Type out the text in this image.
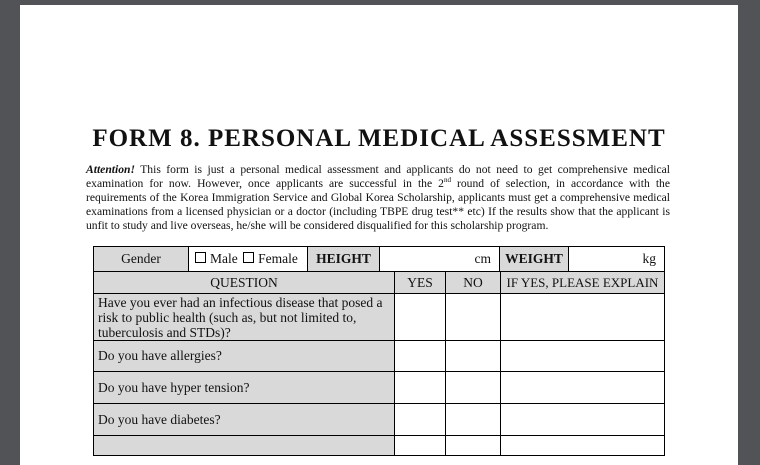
FORM 8. PERSONAL MEDICAL ASSESSMENT
Attention! This form is just a personal medical assessment and applicants do not need to get comprehensive medical examination for now. However, once applicants are successful in the 2nd round of selection, in accordance with the requirements of the Korea Immigration Service and Global Korea Scholarship, applicants must get a comprehensive medical examinations from a licensed physician or a doctor (including TBPE drug test** etc) If the results show that the applicant is unfit to study and live overseas, he/she will be considered disqualified for this scholarship program.
Gender	Male Female	HEIGHT	cm	WEIGHT	kg
QUESTION	YES	NO	IF YES, PLEASE EXPLAIN
Have you ever had an infectious disease that posed a risk to public health (such as, but not limited to, tuberculosis and STDs)?			
Do you have allergies?			
Do you have hyper tension?			
Do you have diabetes?			
